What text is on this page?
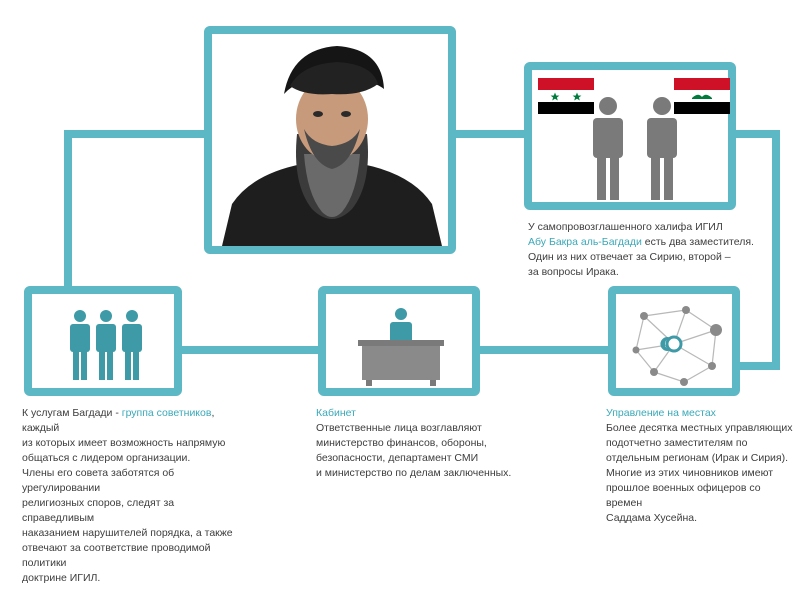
У самопровозглашенного халифа ИГИЛ

Абу Бакра аль-Багдади есть два заместителя.

Один из них отвечает за Сирию, второй –

за вопросы Ирака.

К услугам Багдади - группа советников, каждый

из которых имеет возможность напрямую

общаться с лидером организации.

Члены его совета заботятся об урегулировании

религиозных споров, следят за справедливым

наказанием нарушителей порядка, а также

отвечают за соответствие проводимой политики

доктрине ИГИЛ.

Кабинет

Ответственные лица возглавляют

министерство финансов, обороны,

безопасности, департамент СМИ

и министерство по делам заключенных.

Управление на местах

Более десятка местных управляющих

подотчетно заместителям по

отдельным регионам (Ирак и Сирия).

Многие из этих чиновников имеют

прошлое военных офицеров со времен

Саддама Хусейна.
